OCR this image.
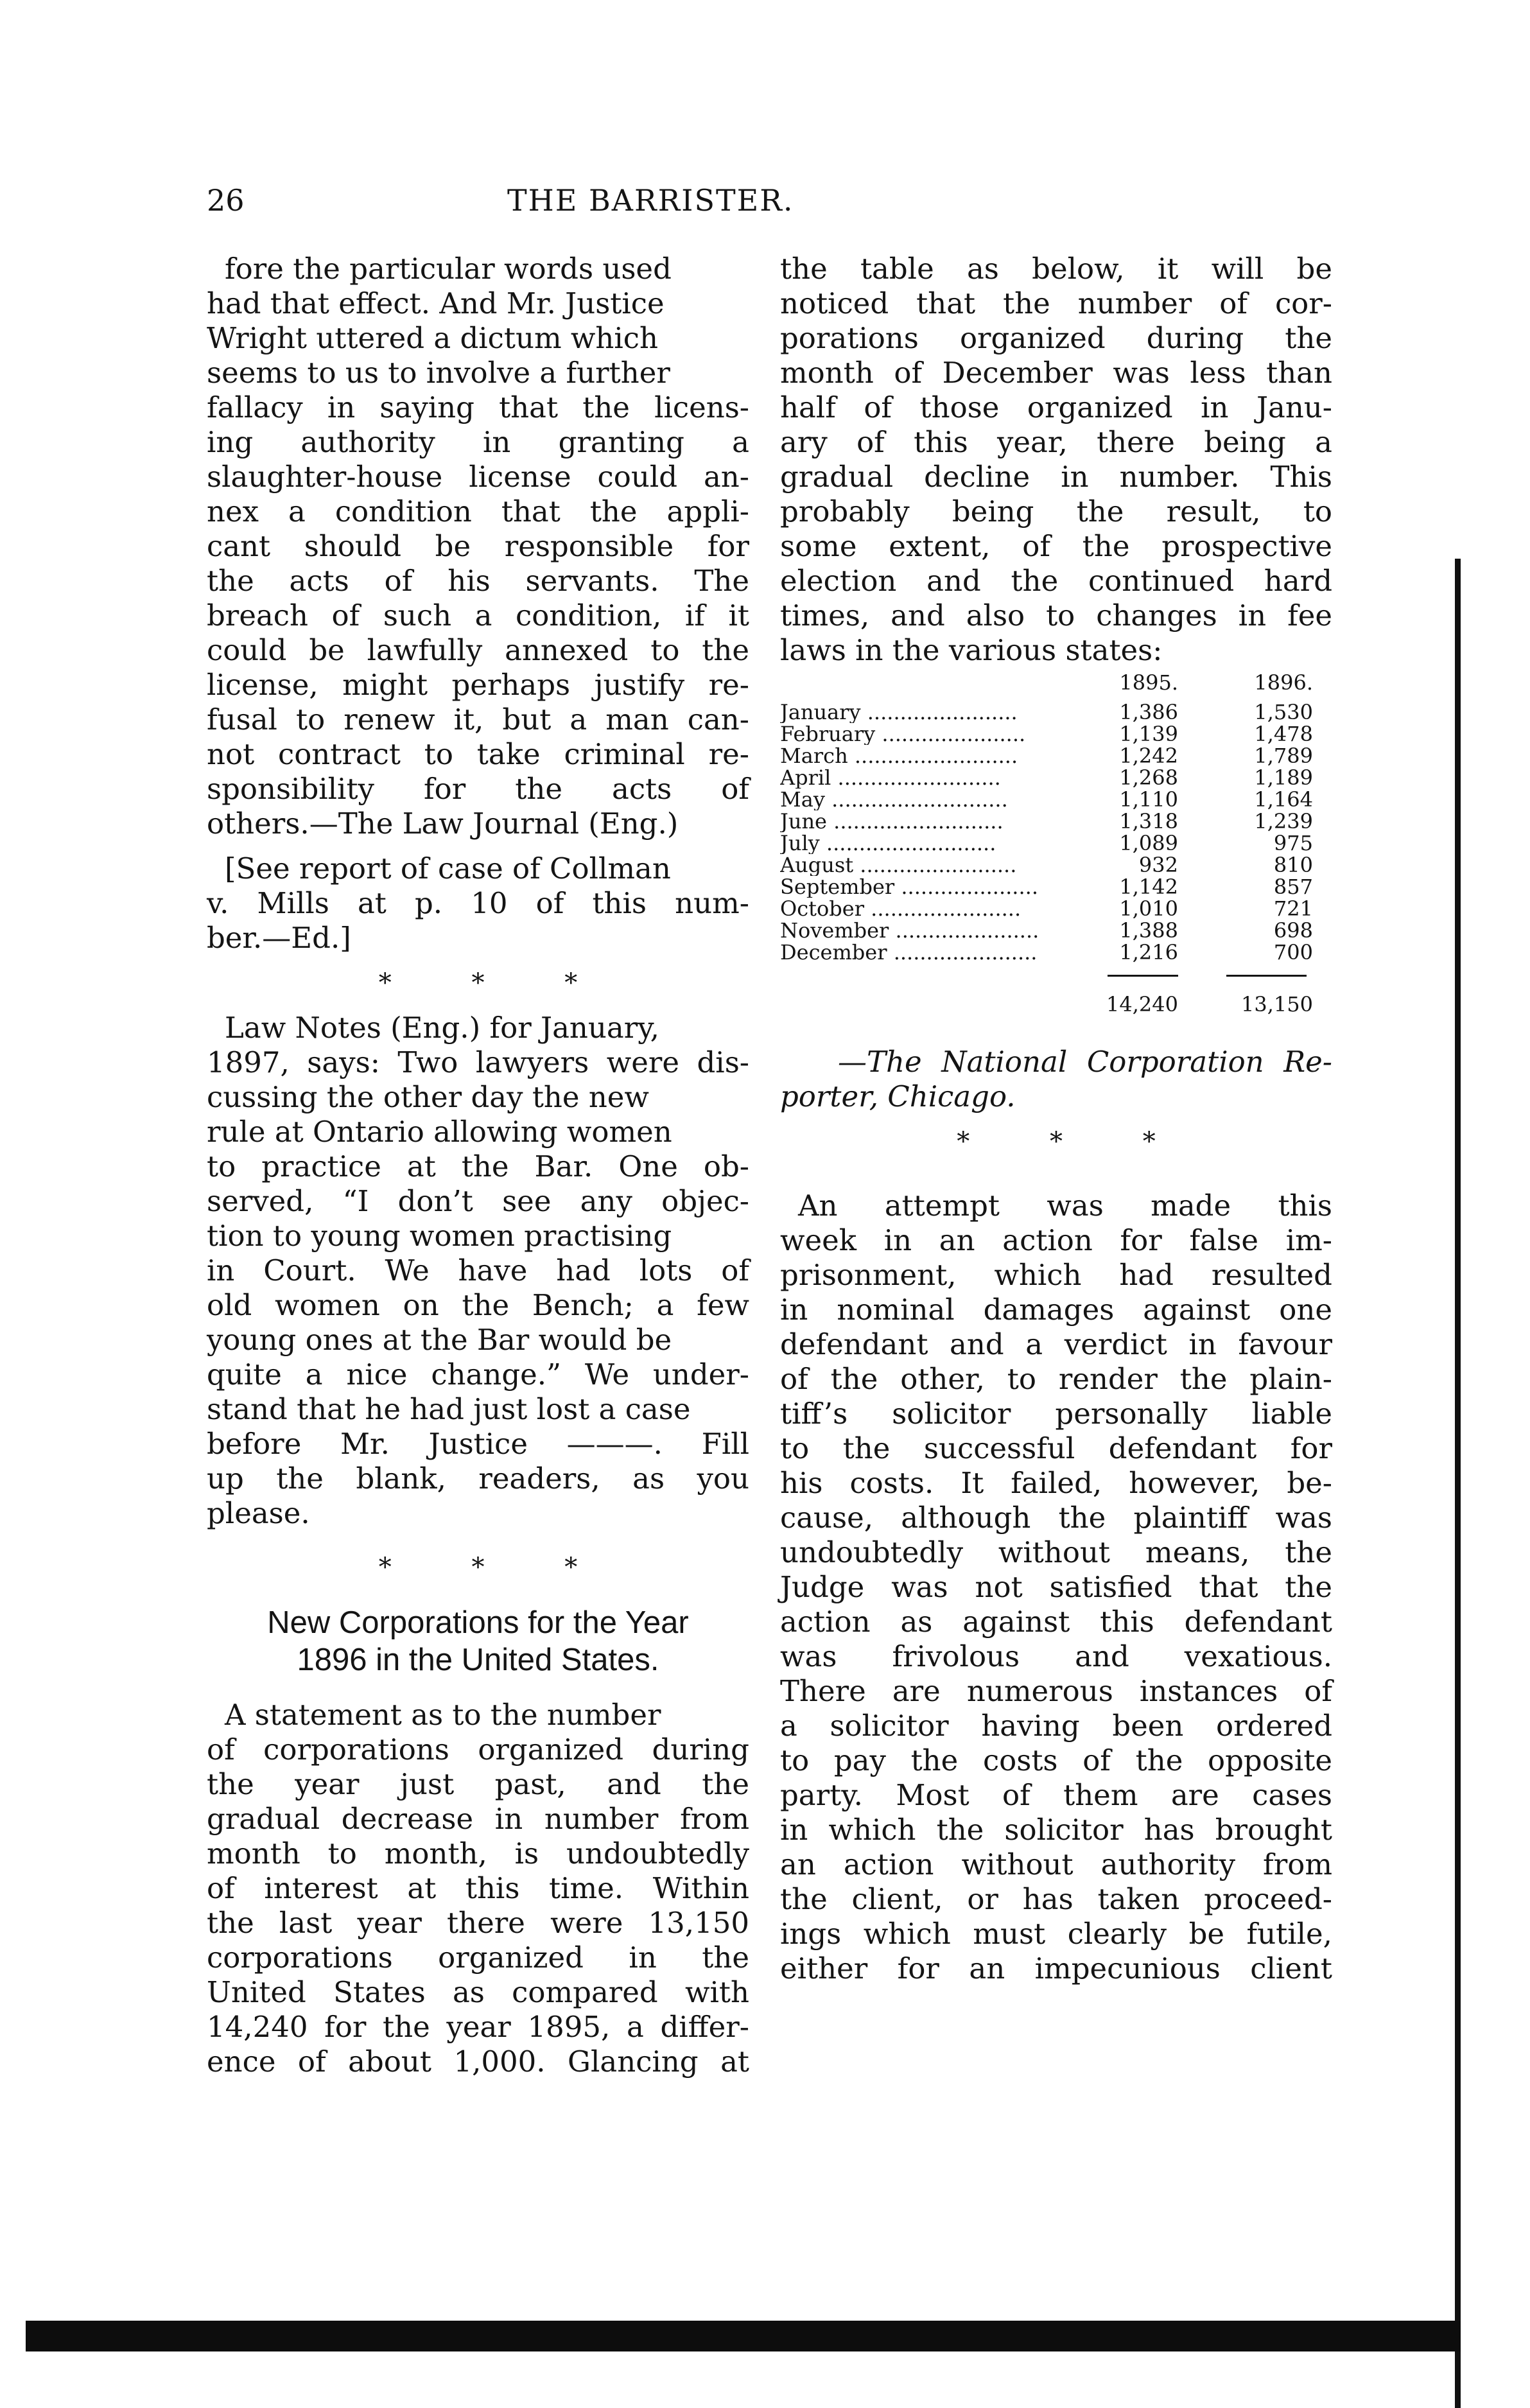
26	THE BARRISTER.
fore the particular words used
had that effect. And Mr. Justice
Wright uttered a dictum which
seems to us to involve a further
fallacy in saying that the licens-
ing authority in granting a
slaughter-house license could an-
nex a condition that the appli-
cant should be responsible for
the acts of his servants. The
breach of such a condition, if it
could be lawfully annexed to the
license, might perhaps justify re-
fusal to renew it, but a man can-
not contract to take criminal re-
sponsibility for the acts of
others.—The Law Journal (Eng.)
[See report of case of Collman
v. Mills at p. 10 of this num-
ber.—Ed.]
* * *
Law Notes (Eng.) for January,
1897, says: Two lawyers were dis-
cussing the other day the new
rule at Ontario allowing women
to practice at the Bar. One ob-
served, “I don’t see any objec-
tion to young women practising
in Court. We have had lots of
old women on the Bench; a few
young ones at the Bar would be
quite a nice change.” We under-
stand that he had just lost a case
before Mr. Justice ———. Fill
up the blank, readers, as you
please.
* * *
New Corporations for the Year
1896 in the United States.
A statement as to the number
of corporations organized during
the year just past, and the
gradual decrease in number from
month to month, is undoubtedly
of interest at this time. Within
the last year there were 13,150
corporations organized in the
United States as compared with
14,240 for the year 1895, a differ-
ence of about 1,000. Glancing at
the table as below, it will be
noticed that the number of cor-
porations organized during the
month of December was less than
half of those organized in Janu-
ary of this year, there being a
gradual decline in number. This
probably being the result, to
some extent, of the prospective
election and the continued hard
times, and also to changes in fee
laws in the various states:
1895.	1896.
January .......................	1,386	1,530
February ......................	1,139	1,478
March .........................	1,242	1,789
April .........................	1,268	1,189
May ...........................	1,110	1,164
June ..........................	1,318	1,239
July ..........................	1,089	975
August ........................	932	810
September .....................	1,142	857
October .......................	1,010	721
November ......................	1,388	698
December ......................	1,216	700
14,240	13,150
—The National Corporation Re-
porter, Chicago.
* * *
An attempt was made this
week in an action for false im-
prisonment, which had resulted
in nominal damages against one
defendant and a verdict in favour
of the other, to render the plain-
tiff’s solicitor personally liable
to the successful defendant for
his costs. It failed, however, be-
cause, although the plaintiff was
undoubtedly without means, the
Judge was not satisfied that the
action as against this defendant
was frivolous and vexatious.
There are numerous instances of
a solicitor having been ordered
to pay the costs of the opposite
party. Most of them are cases
in which the solicitor has brought
an action without authority from
the client, or has taken proceed-
ings which must clearly be futile,
either for an impecunious client
